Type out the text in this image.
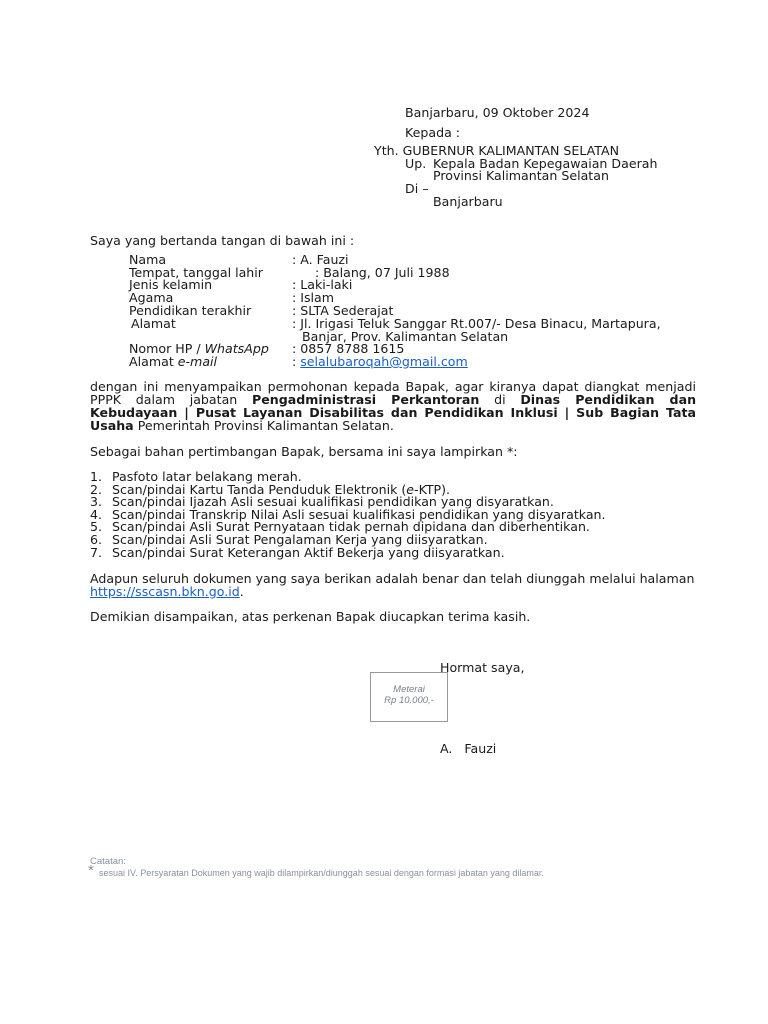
Banjarbaru, 09 Oktober 2024
Kepada :
Yth. GUBERNUR KALIMANTAN SELATAN
Up. Kepala Badan Kepegawaian Daerah
Provinsi Kalimantan Selatan
Di –
Banjarbaru
Saya yang bertanda tangan di bawah ini :
Nama	: A. Fauzi
Tempat, tanggal lahir	: Balang, 07 Juli 1988
Jenis kelamin	: Laki-laki
Agama	: Islam
Pendidikan terakhir	: SLTA Sederajat
Alamat	: Jl. Irigasi Teluk Sanggar Rt.007/- Desa Binacu, Martapura,
Banjar, Prov. Kalimantan Selatan
Nomor HP / WhatsApp : 0857 8788 1615
Alamat e-mail	: selalubaroqah@gmail.com
dengan ini menyampaikan permohonan kepada Bapak, agar kiranya dapat diangkat menjadi
PPPK dalam jabatan Pengadministrasi Perkantoran di Dinas Pendidikan dan
Kebudayaan | Pusat Layanan Disabilitas dan Pendidikan Inklusi | Sub Bagian Tata
Usaha Pemerintah Provinsi Kalimantan Selatan.
Sebagai bahan pertimbangan Bapak, bersama ini saya lampirkan *:
1. Pasfoto latar belakang merah.
2. Scan/pindai Kartu Tanda Penduduk Elektronik (e-KTP).
3. Scan/pindai Ijazah Asli sesuai kualifikasi pendidikan yang disyaratkan.
4. Scan/pindai Transkrip Nilai Asli sesuai kualifikasi pendidikan yang disyaratkan.
5. Scan/pindai Asli Surat Pernyataan tidak pernah dipidana dan diberhentikan.
6. Scan/pindai Asli Surat Pengalaman Kerja yang diisyaratkan.
7. Scan/pindai Surat Keterangan Aktif Bekerja yang diisyaratkan.
Adapun seluruh dokumen yang saya berikan adalah benar dan telah diunggah melalui halaman
https://sscasn.bkn.go.id.
Demikian disampaikan, atas perkenan Bapak diucapkan terima kasih.
Hormat saya,
Meterai
Rp 10.000,-
A.   Fauzi
Catatan:
* sesuai IV. Persyaratan Dokumen yang wajib dilampirkan/diunggah sesuai dengan formasi jabatan yang dilamar.
